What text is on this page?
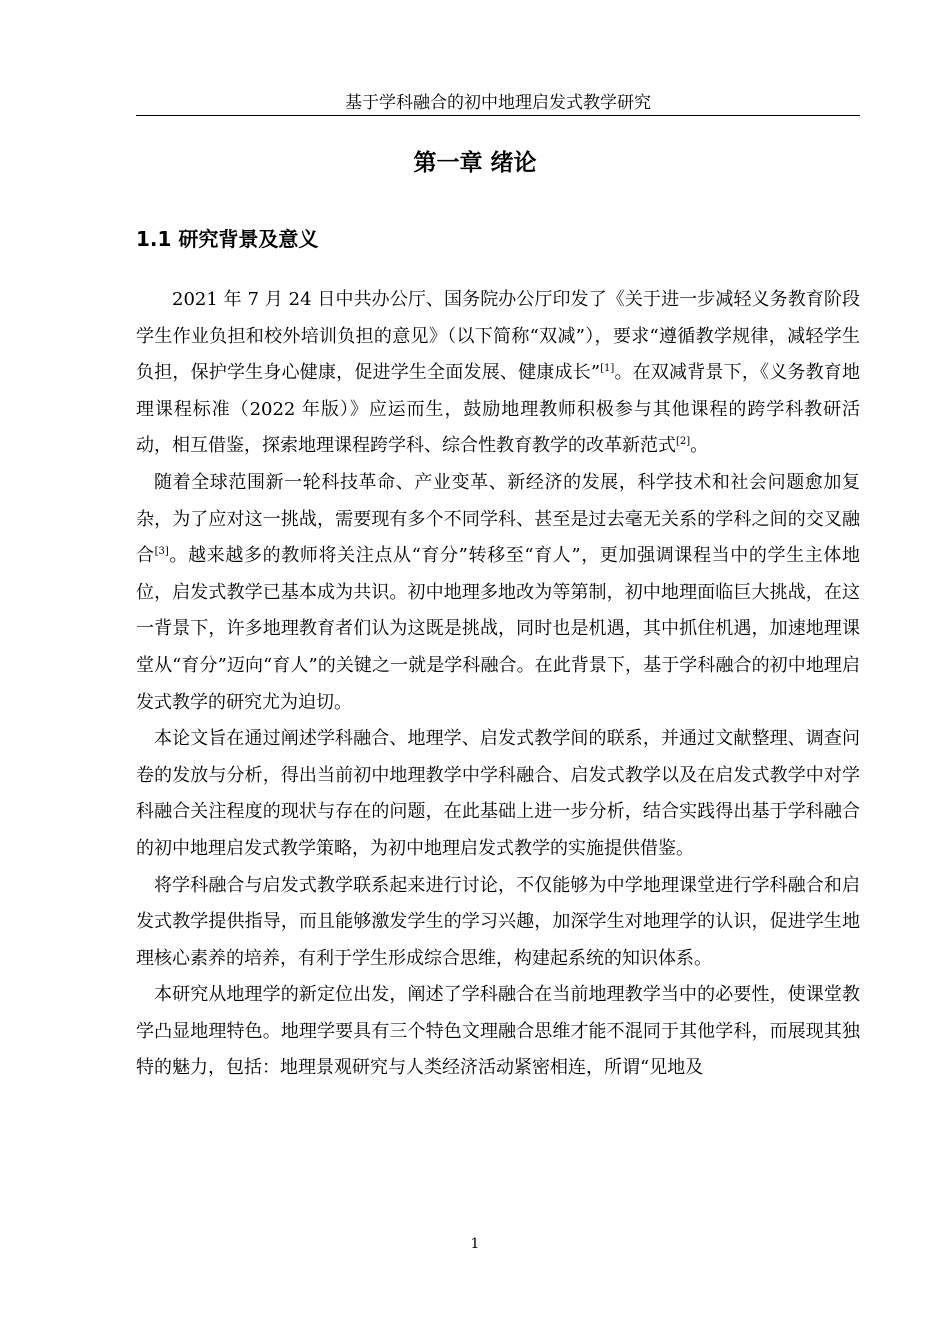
基于学科融合的初中地理启发式教学研究
第一章 绪论
1.1 研究背景及意义

2021 年 7 月 24 日中共办公厅、国务院办公厅印发了《关于进一步减轻义务教育阶段学生作业负担和校外培训负担的意见》（以下简称“双减”），要求“遵循教学规律，减轻学生负担，保护学生身心健康，促进学生全面发展、健康成长”[1]。在双减背景下，《义务教育地理课程标准（2022 年版）》应运而生，鼓励地理教师积极参与其他课程的跨学科教研活动，相互借鉴，探索地理课程跨学科、综合性教育教学的改革新范式[2]。

随着全球范围新一轮科技革命、产业变革、新经济的发展，科学技术和社会问题愈加复杂，为了应对这一挑战，需要现有多个不同学科、甚至是过去毫无关系的学科之间的交叉融合[3]。越来越多的教师将关注点从“育分”转移至“育人”，更加强调课程当中的学生主体地位，启发式教学已基本成为共识。初中地理多地改为等第制，初中地理面临巨大挑战，在这一背景下，许多地理教育者们认为这既是挑战，同时也是机遇，其中抓住机遇，加速地理课堂从“育分”迈向“育人”的关键之一就是学科融合。在此背景下，基于学科融合的初中地理启发式教学的研究尤为迫切。

本论文旨在通过阐述学科融合、地理学、启发式教学间的联系，并通过文献整理、调查问卷的发放与分析，得出当前初中地理教学中学科融合、启发式教学以及在启发式教学中对学科融合关注程度的现状与存在的问题，在此基础上进一步分析，结合实践得出基于学科融合的初中地理启发式教学策略，为初中地理启发式教学的实施提供借鉴。

将学科融合与启发式教学联系起来进行讨论，不仅能够为中学地理课堂进行学科融合和启发式教学提供指导，而且能够激发学生的学习兴趣，加深学生对地理学的认识，促进学生地理核心素养的培养，有利于学生形成综合思维，构建起系统的知识体系。

本研究从地理学的新定位出发，阐述了学科融合在当前地理教学当中的必要性，使课堂教学凸显地理特色。地理学要具有三个特色文理融合思维才能不混同于其他学科，而展现其独特的魅力，包括：地理景观研究与人类经济活动紧密相连，所谓“见地及

1
